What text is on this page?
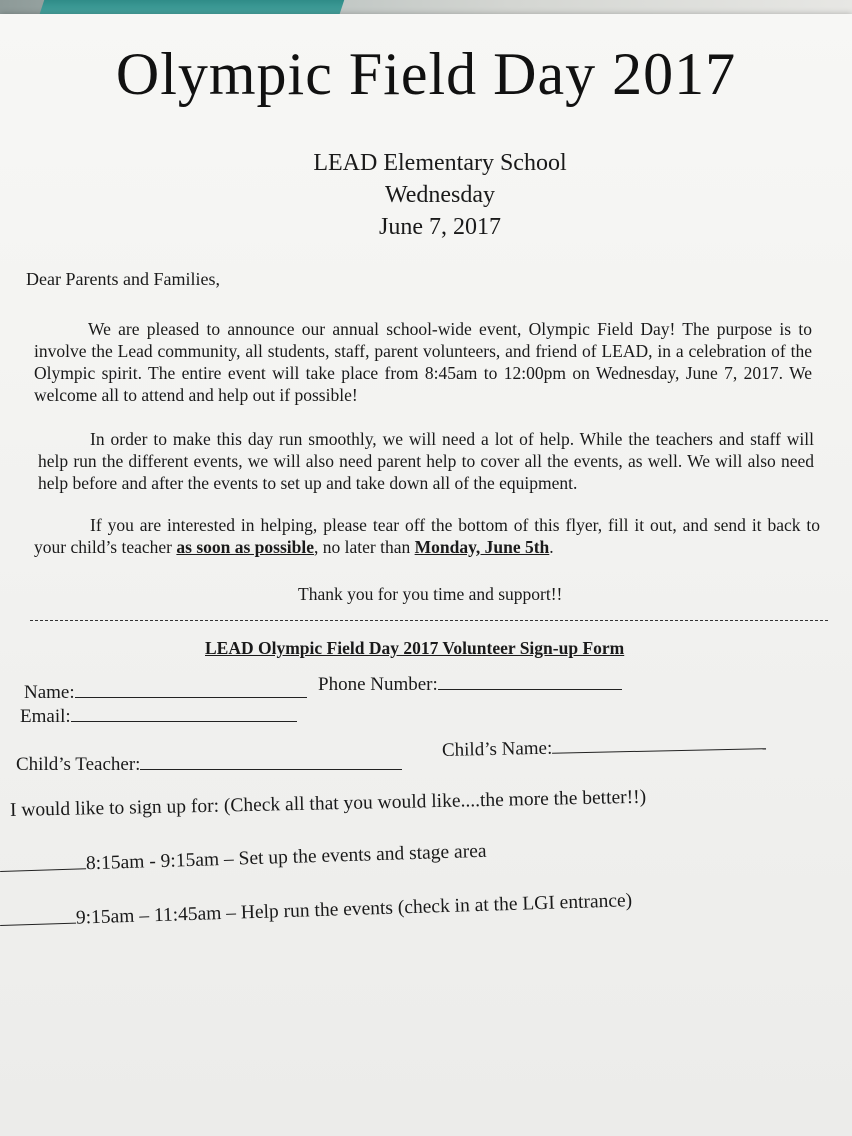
Olympic Field Day 2017
LEAD Elementary School
Wednesday
June 7, 2017
Dear Parents and Families,
We are pleased to announce our annual school-wide event, Olympic Field Day! The purpose is to involve the Lead community, all students, staff, parent volunteers, and friend of LEAD, in a celebration of the Olympic spirit. The entire event will take place from 8:45am to 12:00pm on Wednesday, June 7, 2017. We welcome all to attend and help out if possible!
In order to make this day run smoothly, we will need a lot of help. While the teachers and staff will help run the different events, we will also need parent help to cover all the events, as well. We will also need help before and after the events to set up and take down all of the equipment.
If you are interested in helping, please tear off the bottom of this flyer, fill it out, and send it back to your child’s teacher as soon as possible, no later than Monday, June 5th.
Thank you for you time and support!!
LEAD Olympic Field Day 2017 Volunteer Sign-up Form
Name:	Phone Number:
Email:
Child’s Teacher:
Child’s Name:
I would like to sign up for: (Check all that you would like....the more the better!!)
8:15am - 9:15am – Set up the events and stage area
9:15am – 11:45am – Help run the events (check in at the LGI entrance)
